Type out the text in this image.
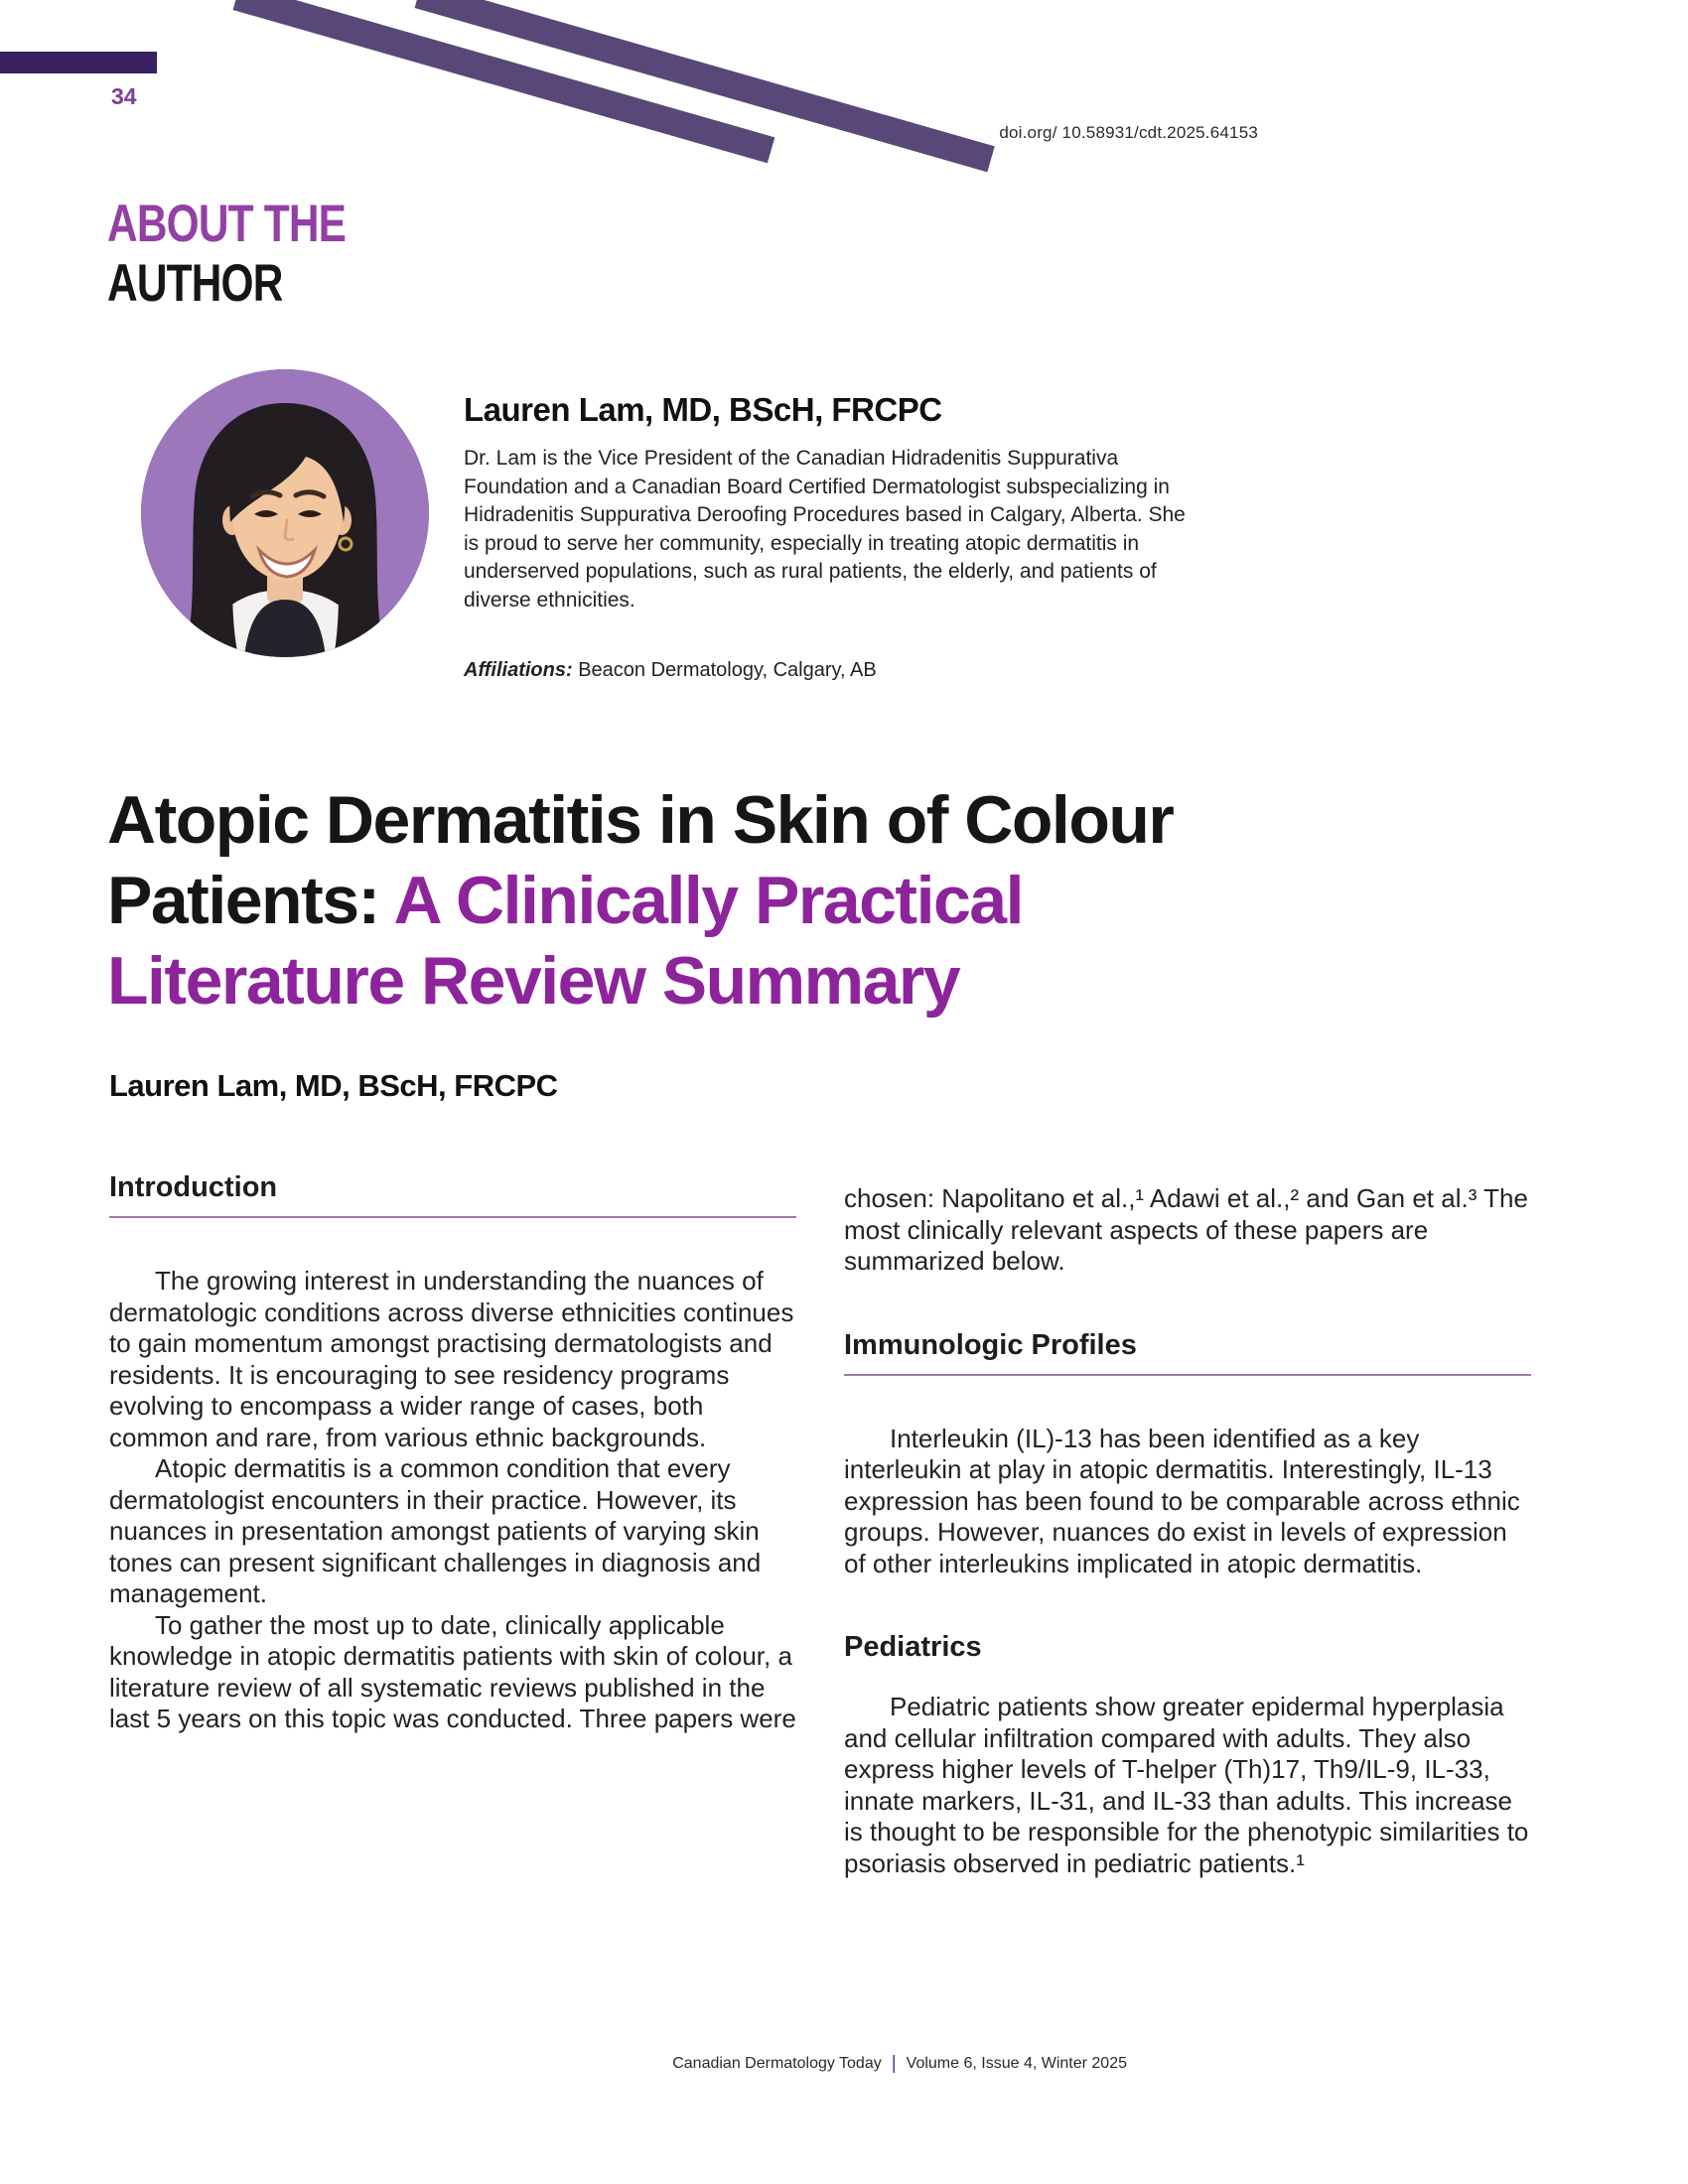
34
doi.org/ 10.58931/cdt.2025.64153
ABOUT THE
AUTHOR
Lauren Lam, MD, BScH, FRCPC
Dr. Lam is the Vice President of the Canadian Hidradenitis Suppurativa Foundation and a Canadian Board Certified Dermatologist subspecializing in Hidradenitis Suppurativa Deroofing Procedures based in Calgary, Alberta. She is proud to serve her community, especially in treating atopic dermatitis in underserved populations, such as rural patients, the elderly, and patients of diverse ethnicities.
Affiliations: Beacon Dermatology, Calgary, AB
Atopic Dermatitis in Skin of Colour
Patients: A Clinically Practical
Literature Review Summary
Lauren Lam, MD, BScH, FRCPC
Introduction

The growing interest in understanding the nuances of dermatologic conditions across diverse ethnicities continues to gain momentum amongst practising dermatologists and residents. It is encouraging to see residency programs evolving to encompass a wider range of cases, both common and rare, from various ethnic backgrounds.

Atopic dermatitis is a common condition that every dermatologist encounters in their practice. However, its nuances in presentation amongst patients of varying skin tones can present significant challenges in diagnosis and management.

To gather the most up to date, clinically applicable knowledge in atopic dermatitis patients with skin of colour, a literature review of all systematic reviews published in the last 5 years on this topic was conducted. Three papers were

chosen: Napolitano et al.,¹ Adawi et al.,² and Gan et al.³ The most clinically relevant aspects of these papers are summarized below.

Immunologic Profiles

Interleukin (IL)-13 has been identified as a key interleukin at play in atopic dermatitis. Interestingly, IL-13 expression has been found to be comparable across ethnic groups. However, nuances do exist in levels of expression of other interleukins implicated in atopic dermatitis.

Pediatrics

Pediatric patients show greater epidermal hyperplasia and cellular infiltration compared with adults. They also express higher levels of T-helper (Th)17, Th9/IL-9, IL-33, innate markers, IL-31, and IL-33 than adults. This increase is thought to be responsible for the phenotypic similarities to psoriasis observed in pediatric patients.¹

Canadian Dermatology Today | Volume 6, Issue 4, Winter 2025
